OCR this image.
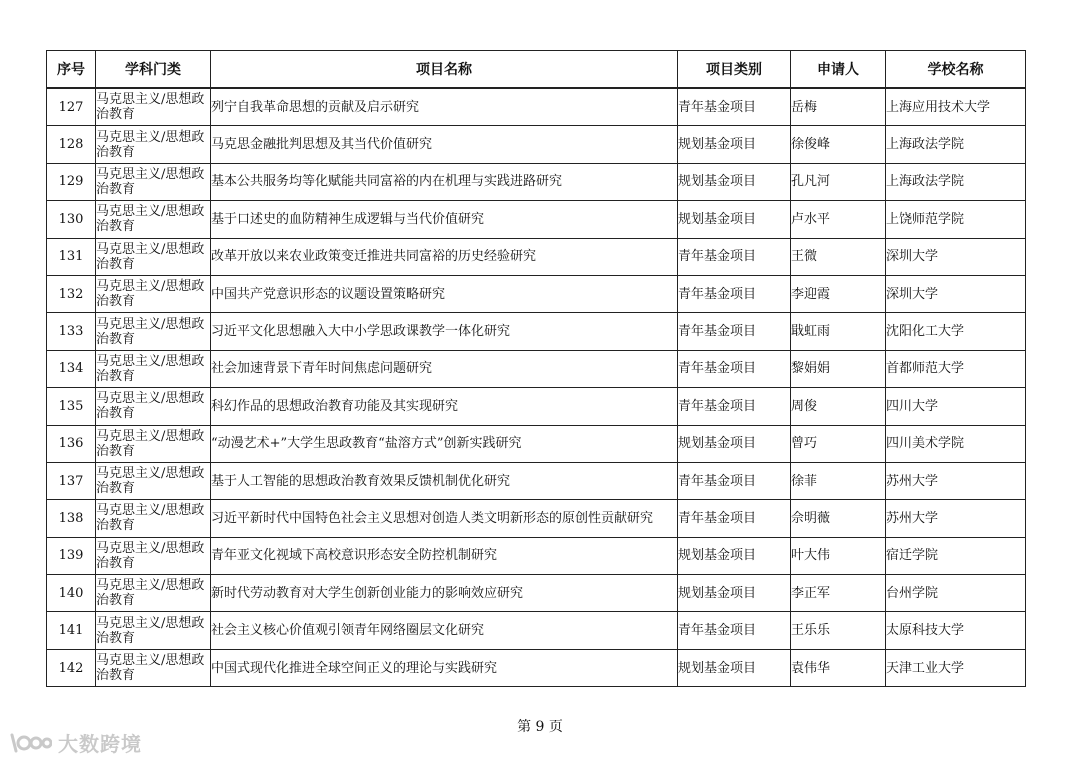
序号	学科门类	项目名称	项目类别	申请人	学校名称
127	马克思主义/思想政治教育	列宁自我革命思想的贡献及启示研究	青年基金项目	岳梅	上海应用技术大学
128	马克思主义/思想政治教育	马克思金融批判思想及其当代价值研究	规划基金项目	徐俊峰	上海政法学院
129	马克思主义/思想政治教育	基本公共服务均等化赋能共同富裕的内在机理与实践进路研究	规划基金项目	孔凡河	上海政法学院
130	马克思主义/思想政治教育	基于口述史的血防精神生成逻辑与当代价值研究	规划基金项目	卢水平	上饶师范学院
131	马克思主义/思想政治教育	改革开放以来农业政策变迁推进共同富裕的历史经验研究	青年基金项目	王微	深圳大学
132	马克思主义/思想政治教育	中国共产党意识形态的议题设置策略研究	青年基金项目	李迎霞	深圳大学
133	马克思主义/思想政治教育	习近平文化思想融入大中小学思政课教学一体化研究	青年基金项目	戢虹雨	沈阳化工大学
134	马克思主义/思想政治教育	社会加速背景下青年时间焦虑问题研究	青年基金项目	黎娟娟	首都师范大学
135	马克思主义/思想政治教育	科幻作品的思想政治教育功能及其实现研究	青年基金项目	周俊	四川大学
136	马克思主义/思想政治教育	“动漫艺术+”大学生思政教育“盐溶方式”创新实践研究	规划基金项目	曾巧	四川美术学院
137	马克思主义/思想政治教育	基于人工智能的思想政治教育效果反馈机制优化研究	青年基金项目	徐菲	苏州大学
138	马克思主义/思想政治教育	习近平新时代中国特色社会主义思想对创造人类文明新形态的原创性贡献研究	青年基金项目	佘明薇	苏州大学
139	马克思主义/思想政治教育	青年亚文化视域下高校意识形态安全防控机制研究	规划基金项目	叶大伟	宿迁学院
140	马克思主义/思想政治教育	新时代劳动教育对大学生创新创业能力的影响效应研究	规划基金项目	李正军	台州学院
141	马克思主义/思想政治教育	社会主义核心价值观引领青年网络圈层文化研究	青年基金项目	王乐乐	太原科技大学
142	马克思主义/思想政治教育	中国式现代化推进全球空间正义的理论与实践研究	规划基金项目	袁伟华	天津工业大学
第 9 页
大数跨境
